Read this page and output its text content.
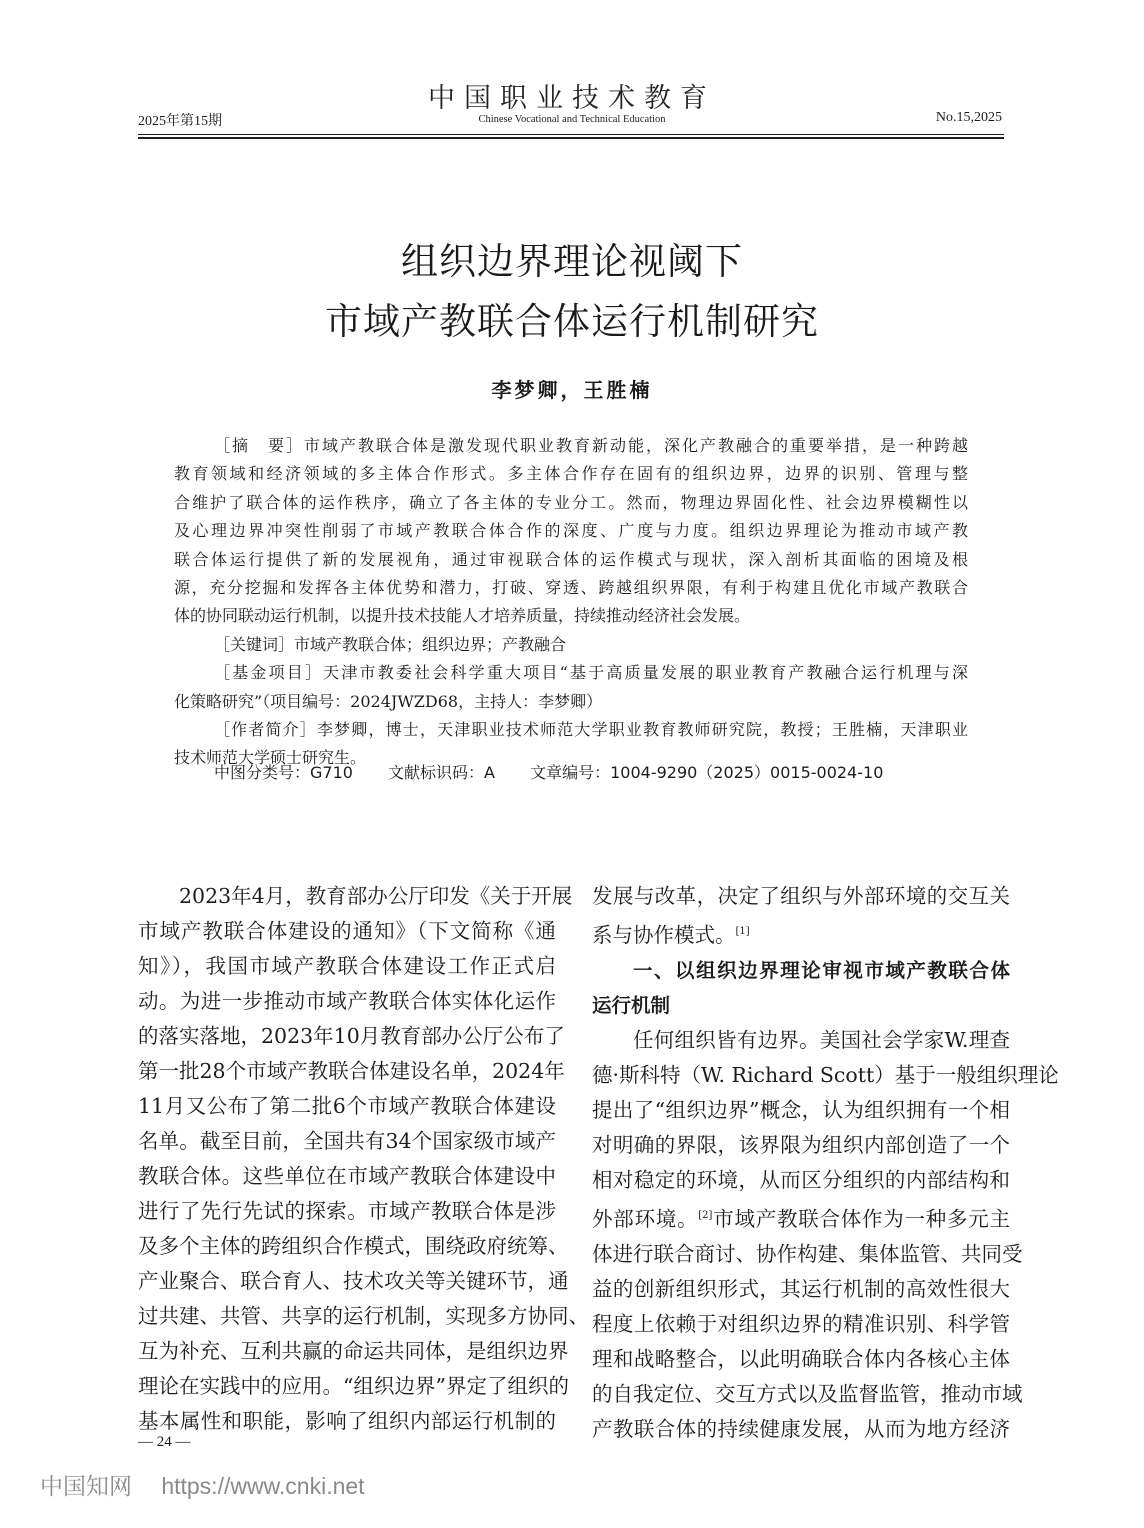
中国职业技术教育
Chinese Vocational and Technical Education
2025年第15期	No.15,2025
组织边界理论视阈下
市域产教联合体运行机制研究
李梦卿，王胜楠
［摘　要］市域产教联合体是激发现代职业教育新动能，深化产教融合的重要举措，是一种跨越
教育领域和经济领域的多主体合作形式。多主体合作存在固有的组织边界，边界的识别、管理与整
合维护了联合体的运作秩序，确立了各主体的专业分工。然而，物理边界固化性、社会边界模糊性以
及心理边界冲突性削弱了市域产教联合体合作的深度、广度与力度。组织边界理论为推动市域产教
联合体运行提供了新的发展视角，通过审视联合体的运作模式与现状，深入剖析其面临的困境及根
源，充分挖掘和发挥各主体优势和潜力，打破、穿透、跨越组织界限，有利于构建且优化市域产教联合
体的协同联动运行机制，以提升技术技能人才培养质量，持续推动经济社会发展。
［关键词］市域产教联合体；组织边界；产教融合
［基金项目］天津市教委社会科学重大项目“基于高质量发展的职业教育产教融合运行机理与深
化策略研究”（项目编号：2024JWZD68，主持人：李梦卿）
［作者简介］李梦卿，博士，天津职业技术师范大学职业教育教师研究院，教授；王胜楠，天津职业
技术师范大学硕士研究生。
中图分类号：G710 文献标识码：A 文章编号：1004-9290（2025）0015-0024-10
2023年4月，教育部办公厅印发《关于开展
市域产教联合体建设的通知》（下文简称《通
知》），我国市域产教联合体建设工作正式启
动。为进一步推动市域产教联合体实体化运作
的落实落地，2023年10月教育部办公厅公布了
第一批28个市域产教联合体建设名单，2024年
11月又公布了第二批6个市域产教联合体建设
名单。截至目前，全国共有34个国家级市域产
教联合体。这些单位在市域产教联合体建设中
进行了先行先试的探索。市域产教联合体是涉
及多个主体的跨组织合作模式，围绕政府统筹、
产业聚合、联合育人、技术攻关等关键环节，通
过共建、共管、共享的运行机制，实现多方协同、
互为补充、互利共赢的命运共同体，是组织边界
理论在实践中的应用。“组织边界”界定了组织的
基本属性和职能，影响了组织内部运行机制的
发展与改革，决定了组织与外部环境的交互关
系与协作模式。[1]
一、以组织边界理论审视市域产教联合体
运行机制
任何组织皆有边界。美国社会学家W.理查
德·斯科特（W. Richard Scott）基于一般组织理论
提出了“组织边界”概念，认为组织拥有一个相
对明确的界限，该界限为组织内部创造了一个
相对稳定的环境，从而区分组织的内部结构和
外部环境。[2]市域产教联合体作为一种多元主
体进行联合商讨、协作构建、集体监管、共同受
益的创新组织形式，其运行机制的高效性很大
程度上依赖于对组织边界的精准识别、科学管
理和战略整合，以此明确联合体内各核心主体
的自我定位、交互方式以及监督监管，推动市域
产教联合体的持续健康发展，从而为地方经济
— 24 —
中国知网 https://www.cnki.net
